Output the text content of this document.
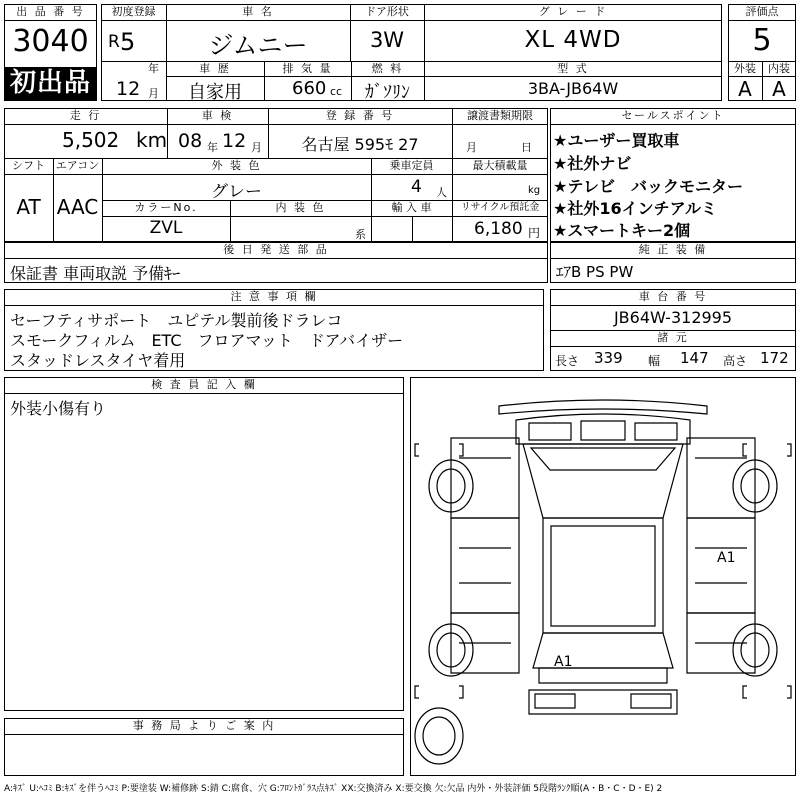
出 品 番 号
3040
初出品
初度登録
R 5
年
12 月
車 名
ジムニー
ドア形状
3W
グ レ ー ド
XL 4WD
車 歴
自家用
排 気 量
660 cc
燃 料
ｶﾞｿﾘﾝ
型 式
3BA-JB64W
評価点
5
外装	内装
A	A
走 行
5,502 km
車 検
08 年 12 月
登 録 番 号
名古屋 595ﾓ 27
譲渡書類期限
月	日
シフト
AT
エアコン
AAC
外 装 色
グレー
乗車定員
4 人
最大積載量
kg
カラーNo.
ZVL
内 装 色
系
輸 入 車	リサイクル預託金
6,180 円
後 日 発 送 部 品
保証書 車両取説 予備ｷｰ
セールスポイント
★ユーザー買取車
★社外ナビ
★テレビ　バックモニター
★社外16インチアルミ
★スマートキー2個
純 正 装 備
ｴｱB PS PW
注 意 事 項 欄
セーフティサポート　ユピテル製前後ドラレコ
スモークフィルム　ETC　フロアマット　ドアバイザー
スタッドレスタイヤ着用
車 台 番 号
JB64W-312995
諸 元
長さ 339 幅 147 高さ 172
検 査 員 記 入 欄
外装小傷有り
事 務 局 よ り ご 案 内
A1
A1
A:ｷｽﾞ U:ﾍｺﾐ B:ｷｽﾞを伴うﾍｺﾐ P:要塗装 W:補修跡 S:錆 C:腐食、穴 G:ﾌﾛﾝﾄｶﾞﾗｽ点ｷｽﾞ XX:交換済み X:要交換 欠:欠品 内外・外装評価 5段階ﾗﾝｸ順(A・B・C・D・E) 2
